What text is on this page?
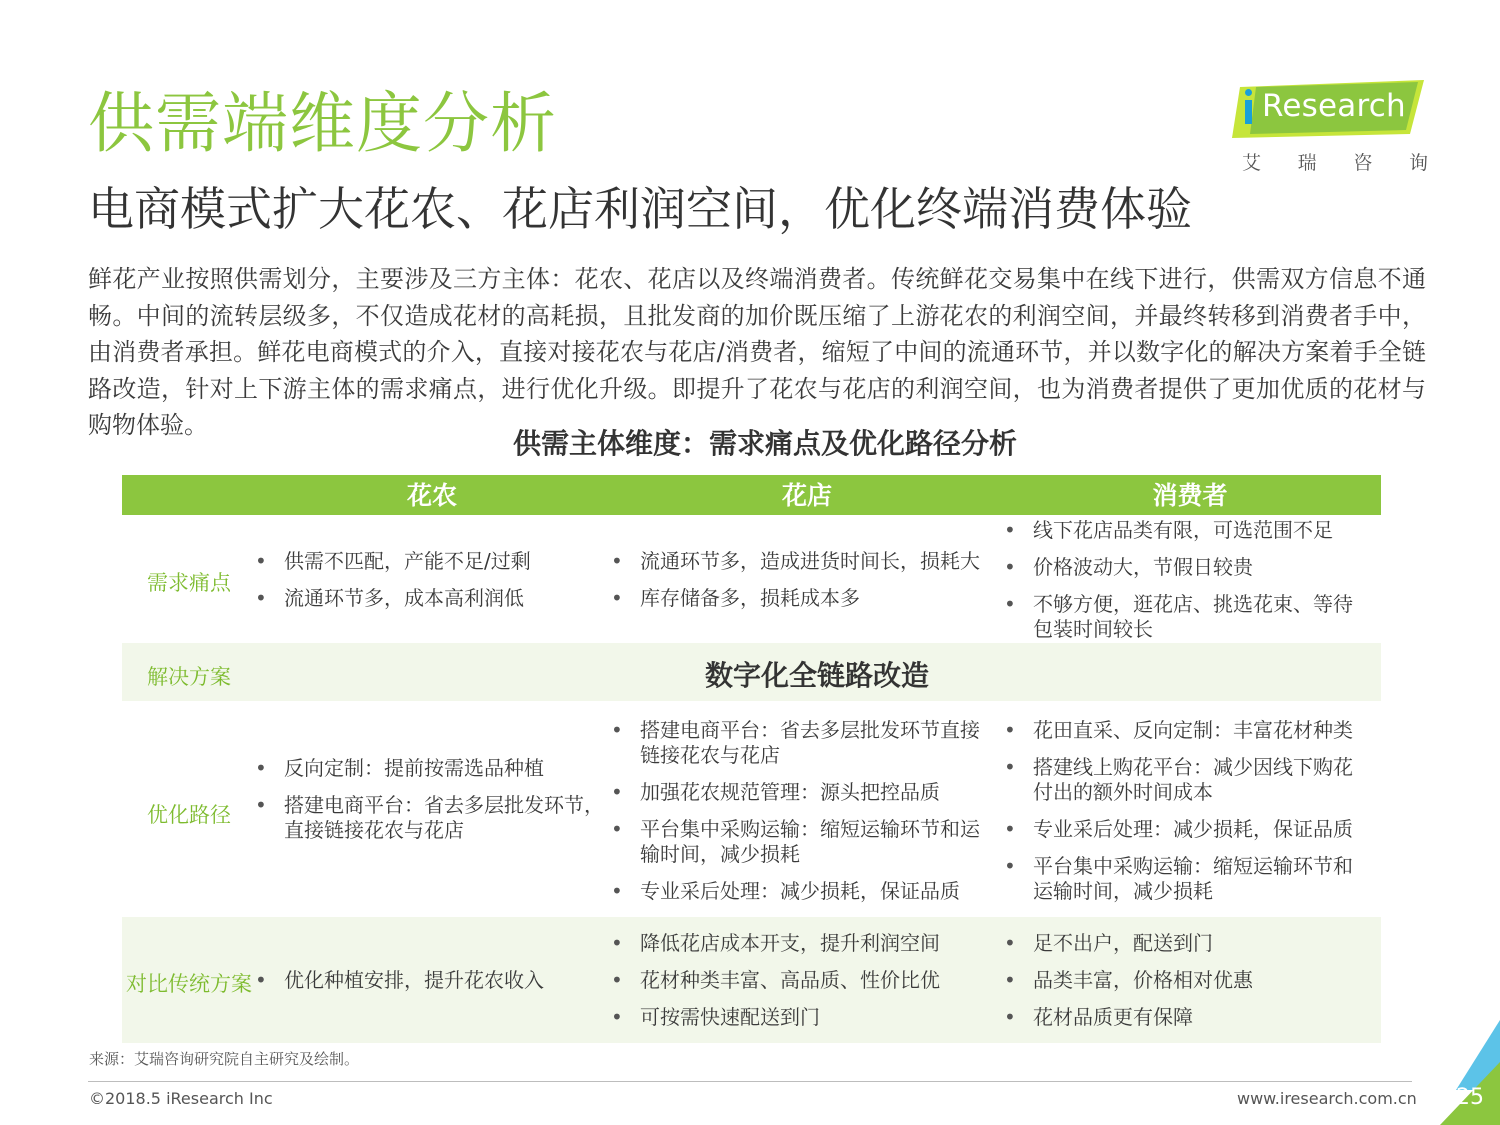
供需端维度分析
电商模式扩大花农、花店利润空间，优化终端消费体验
Research
艾 瑞 咨 询
鲜花产业按照供需划分，主要涉及三方主体：花农、花店以及终端消费者。传统鲜花交易集中在线下进行，供需双方信息不通畅。中间的流转层级多，不仅造成花材的高耗损，且批发商的加价既压缩了上游花农的利润空间，并最终转移到消费者手中，由消费者承担。鲜花电商模式的介入，直接对接花农与花店/消费者，缩短了中间的流通环节，并以数字化的解决方案着手全链路改造，针对上下游主体的需求痛点，进行优化升级。即提升了花农与花店的利润空间，也为消费者提供了更加优质的花材与购物体验。
供需主体维度：需求痛点及优化路径分析
花农	花店	消费者
需求痛点
• 供需不匹配，产能不足/过剩
• 流通环节多，成本高利润低
• 流通环节多，造成进货时间长，损耗大
• 库存储备多，损耗成本多
• 线下花店品类有限，可选范围不足
• 价格波动大，节假日较贵
• 不够方便，逛花店、挑选花束、等待包装时间较长
解决方案	数字化全链路改造
优化路径
• 反向定制：提前按需选品种植
• 搭建电商平台：省去多层批发环节，直接链接花农与花店
• 搭建电商平台：省去多层批发环节直接链接花农与花店
• 加强花农规范管理：源头把控品质
• 平台集中采购运输：缩短运输环节和运输时间，减少损耗
• 专业采后处理：减少损耗，保证品质
• 花田直采、反向定制：丰富花材种类
• 搭建线上购花平台：减少因线下购花付出的额外时间成本
• 专业采后处理：减少损耗，保证品质
• 平台集中采购运输：缩短运输环节和运输时间，减少损耗
对比传统方案
•	优化种植安排，提升花农收入
• 降低花店成本开支，提升利润空间
• 花材种类丰富、高品质、性价比优
• 可按需快速配送到门
• 足不出户，配送到门
• 品类丰富，价格相对优惠
• 花材品质更有保障
来源：艾瑞咨询研究院自主研究及绘制。
©2018.5 iResearch Inc	www.iresearch.com.cn	25
